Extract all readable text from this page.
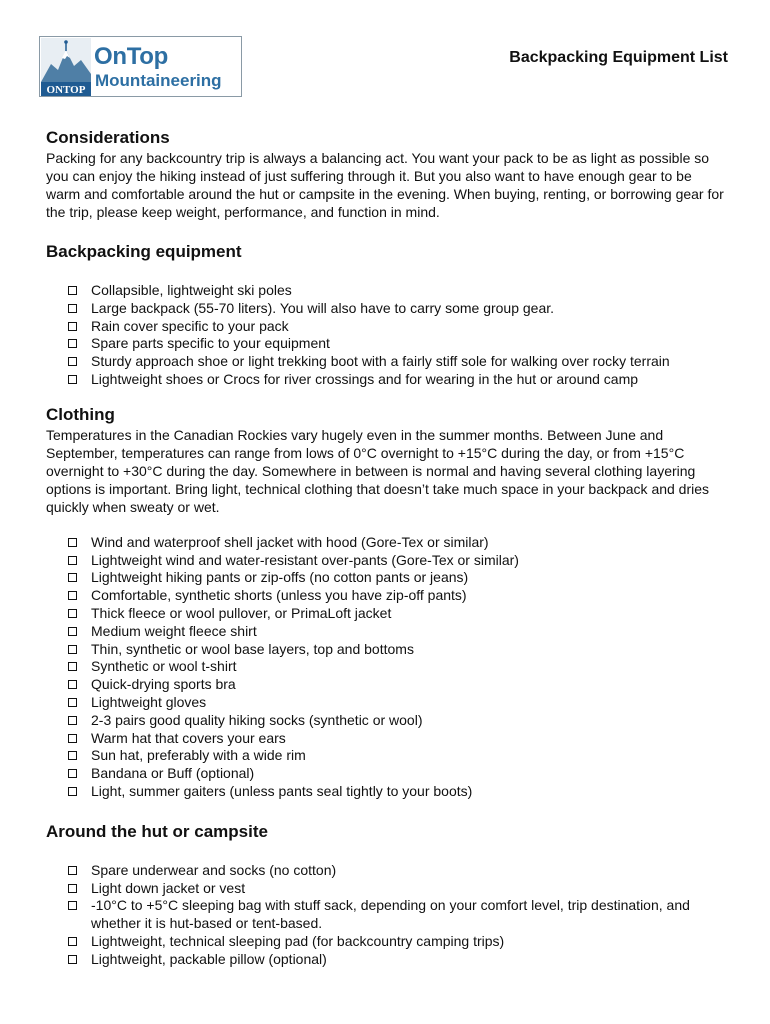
ONTOP
OnTop
Mountaineering
Backpacking Equipment List
Considerations

Packing for any backcountry trip is always a balancing act. You want your pack to be as light as possible so you can enjoy the hiking instead of just suffering through it. But you also want to have enough gear to be warm and comfortable around the hut or campsite in the evening. When buying, renting, or borrowing gear for the trip, please keep weight, performance, and function in mind.

Backpacking equipment
Collapsible, lightweight ski poles
Large backpack (55-70 liters). You will also have to carry some group gear.
Rain cover specific to your pack
Spare parts specific to your equipment
Sturdy approach shoe or light trekking boot with a fairly stiff sole for walking over rocky terrain
Lightweight shoes or Crocs for river crossings and for wearing in the hut or around camp
Clothing

Temperatures in the Canadian Rockies vary hugely even in the summer months. Between June and September, temperatures can range from lows of 0°C overnight to +15°C during the day, or from +15°C overnight to +30°C during the day. Somewhere in between is normal and having several clothing layering options is important. Bring light, technical clothing that doesn’t take much space in your backpack and dries quickly when sweaty or wet.

Wind and waterproof shell jacket with hood (Gore-Tex or similar)
Lightweight wind and water-resistant over-pants (Gore-Tex or similar)
Lightweight hiking pants or zip-offs (no cotton pants or jeans)
Comfortable, synthetic shorts (unless you have zip-off pants)
Thick fleece or wool pullover, or PrimaLoft jacket
Medium weight fleece shirt
Thin, synthetic or wool base layers, top and bottoms
Synthetic or wool t-shirt
Quick-drying sports bra
Lightweight gloves
2-3 pairs good quality hiking socks (synthetic or wool)
Warm hat that covers your ears
Sun hat, preferably with a wide rim
Bandana or Buff (optional)
Light, summer gaiters (unless pants seal tightly to your boots)
Around the hut or campsite
Spare underwear and socks (no cotton)
Light down jacket or vest
-10°C to +5°C sleeping bag with stuff sack, depending on your comfort level, trip destination, and whether it is hut-based or tent-based.
Lightweight, technical sleeping pad (for backcountry camping trips)
Lightweight, packable pillow (optional)
